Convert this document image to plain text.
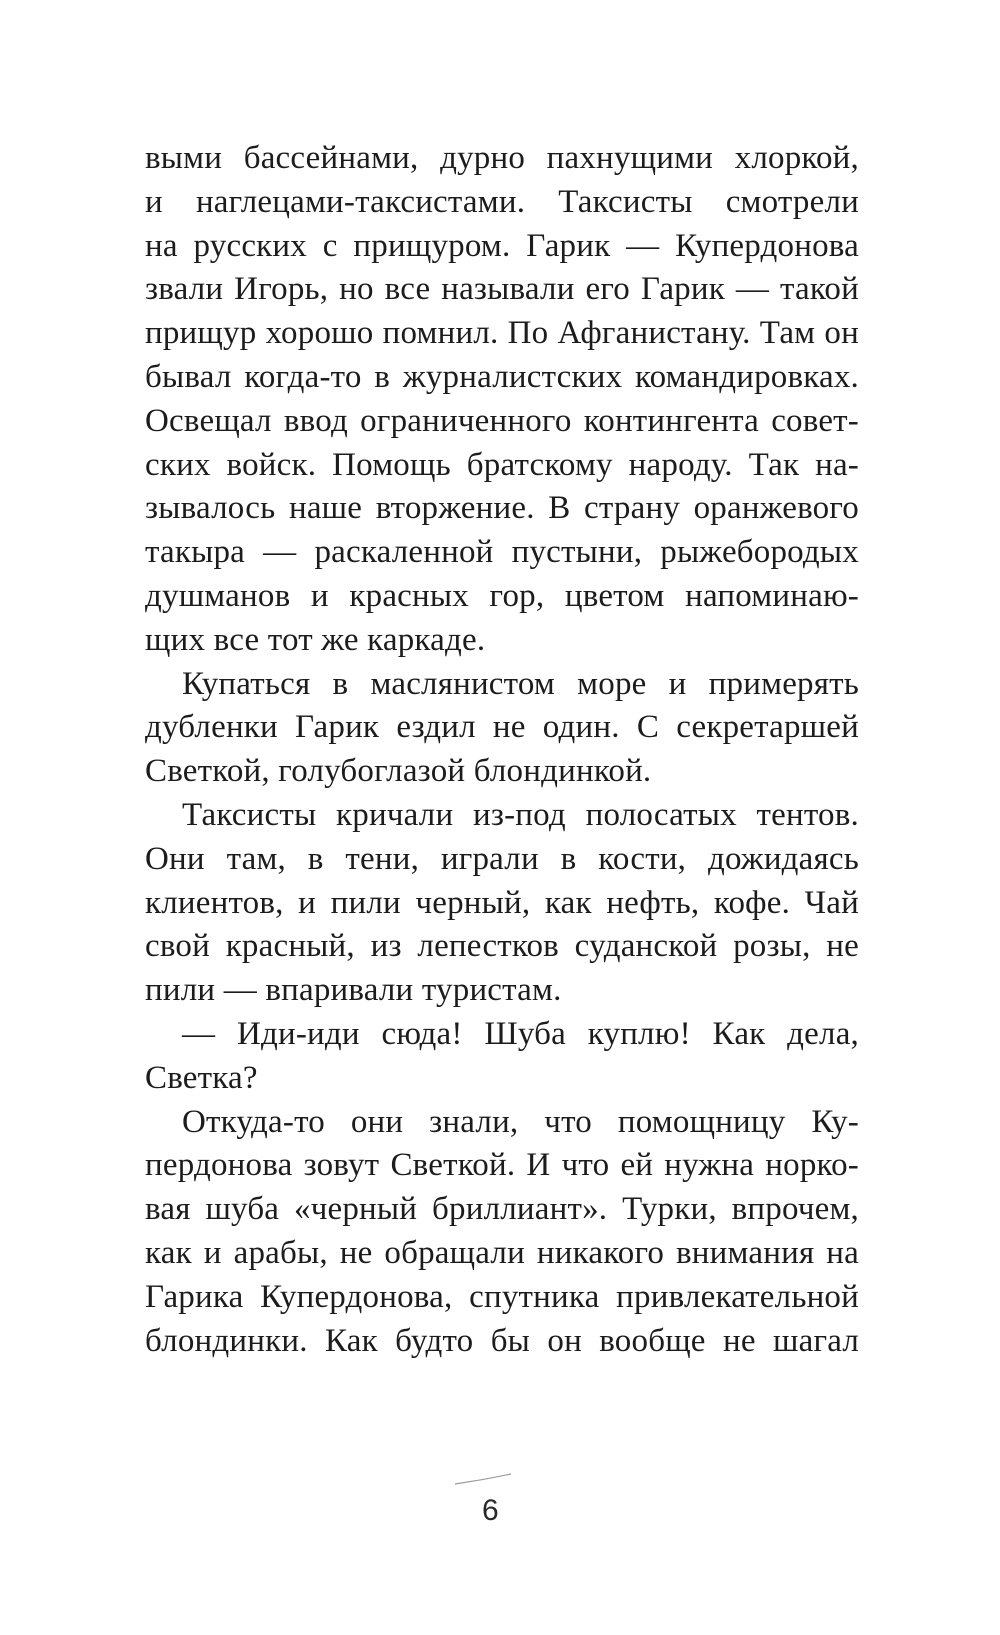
выми бассейнами, дурно пахнущими хлоркой,
и наглецами-таксистами. Таксисты смотрели
на русских с прищуром. Гарик — Купердонова
звали Игорь, но все называли его Гарик — такой
прищур хорошо помнил. По Афганистану. Там он
бывал когда-то в журналистских командировках.
Освещал ввод ограниченного контингента совет-
ских войск. Помощь братскому народу. Так на-
зывалось наше вторжение. В страну оранжевого
такыра — раскаленной пустыни, рыжебородых
душманов и красных гор, цветом напоминаю-
щих все тот же каркаде.
Купаться в маслянистом море и примерять
дубленки Гарик ездил не один. С секретаршей
Светкой, голубоглазой блондинкой.
Таксисты кричали из-под полосатых тентов.
Они там, в тени, играли в кости, дожидаясь
клиентов, и пили черный, как нефть, кофе. Чай
свой красный, из лепестков суданской розы, не
пили — впаривали туристам.
— Иди-иди сюда! Шуба куплю! Как дела,
Светка?
Откуда-то они знали, что помощницу Ку-
пердонова зовут Светкой. И что ей нужна норко-
вая шуба «черный бриллиант». Турки, впрочем,
как и арабы, не обращали никакого внимания на
Гарика Купердонова, спутника привлекательной
блондинки. Как будто бы он вообще не шагал
6
